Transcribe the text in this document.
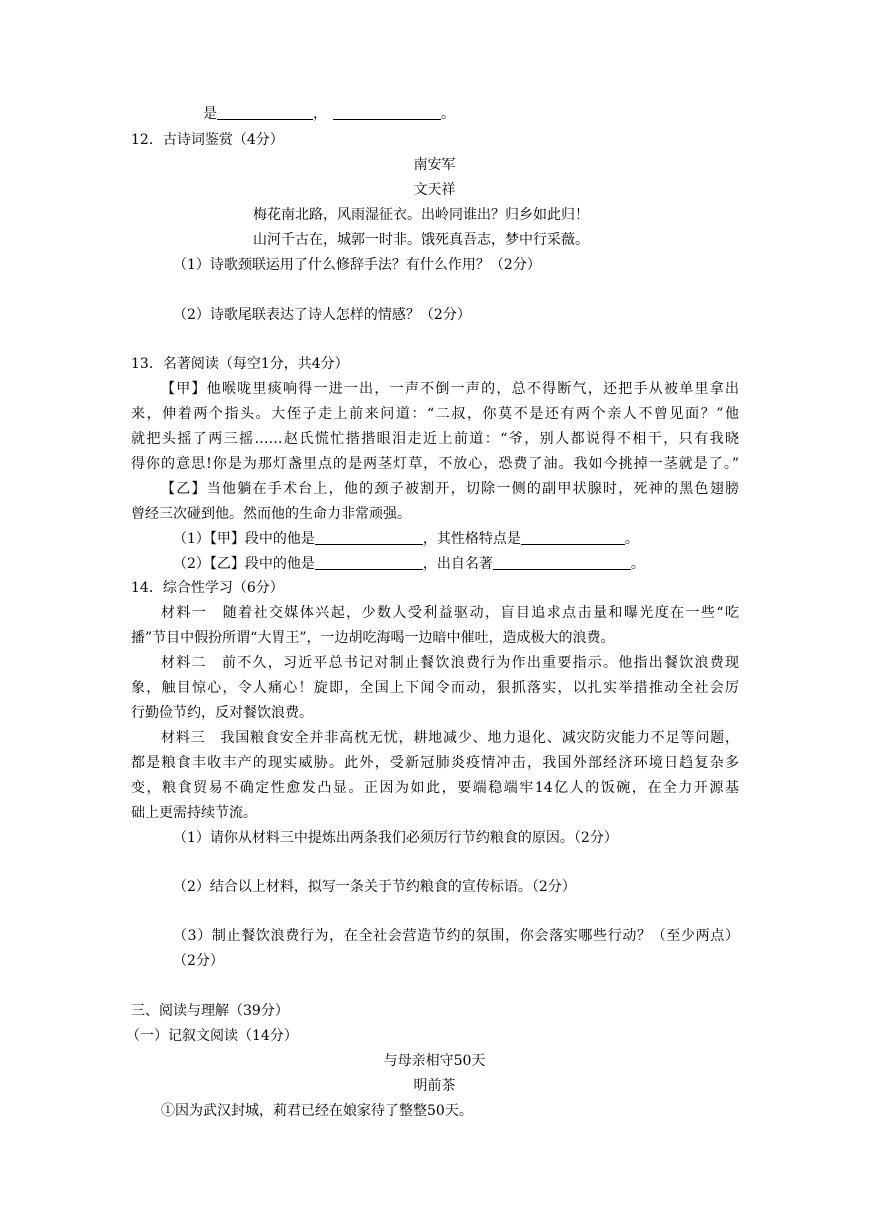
是	，	。
12．古诗词鉴赏（4分）
南安军
文天祥
梅花南北路，风雨湿征衣。出岭同谁出？归乡如此归！
山河千古在，城郭一时非。饿死真吾志，梦中行采薇。
（1）诗歌颈联运用了什么修辞手法？有什么作用？（2分）
（2）诗歌尾联表达了诗人怎样的情感？（2分）
13．名著阅读（每空1分，共4分）
【甲】他喉咙里痰响得一进一出，一声不倒一声的，总不得断气，还把手从被单里拿出
来，伸着两个指头。大侄子走上前来问道：“二叔，你莫不是还有两个亲人不曾见面？”他
就把头摇了两三摇……赵氏慌忙揩揩眼泪走近上前道：“爷，别人都说得不相干，只有我晓
得你的意思!你是为那灯盏里点的是两茎灯草，不放心，恐费了油。我如今挑掉一茎就是了。”
【乙】当他躺在手术台上，他的颈子被割开，切除一侧的副甲状腺时，死神的黑色翅膀
曾经三次碰到他。然而他的生命力非常顽强。
（1）【甲】段中的他是	，其性格特点是	。
（2）【乙】段中的他是	，出自名著	。
14．综合性学习（6分）
材料一　随着社交媒体兴起，少数人受利益驱动，盲目追求点击量和曝光度在一些“吃
播”节目中假扮所谓“大胃王”，一边胡吃海喝一边暗中催吐，造成极大的浪费。
材料二　前不久，习近平总书记对制止餐饮浪费行为作出重要指示。他指出餐饮浪费现
象，触目惊心，令人痛心！旋即，全国上下闻令而动，狠抓落实，以扎实举措推动全社会厉
行勤俭节约，反对餐饮浪费。
材料三　我国粮食安全并非高枕无忧，耕地减少、地力退化、减灾防灾能力不足等问题，
都是粮食丰收丰产的现实威胁。此外，受新冠肺炎疫情冲击，我国外部经济环境日趋复杂多
变，粮食贸易不确定性愈发凸显。正因为如此，要端稳端牢14亿人的饭碗，在全力开源基
础上更需持续节流。
（1）请你从材料三中提炼出两条我们必须厉行节约粮食的原因。（2分）
（2）结合以上材料，拟写一条关于节约粮食的宣传标语。（2分）
（3）制止餐饮浪费行为，在全社会营造节约的氛围，你会落实哪些行动？（至少两点）
（2分）
三、阅读与理解（39分）
（一）记叙文阅读（14分）
与母亲相守50天
明前茶
①因为武汉封城，莉君已经在娘家待了整整50天。
